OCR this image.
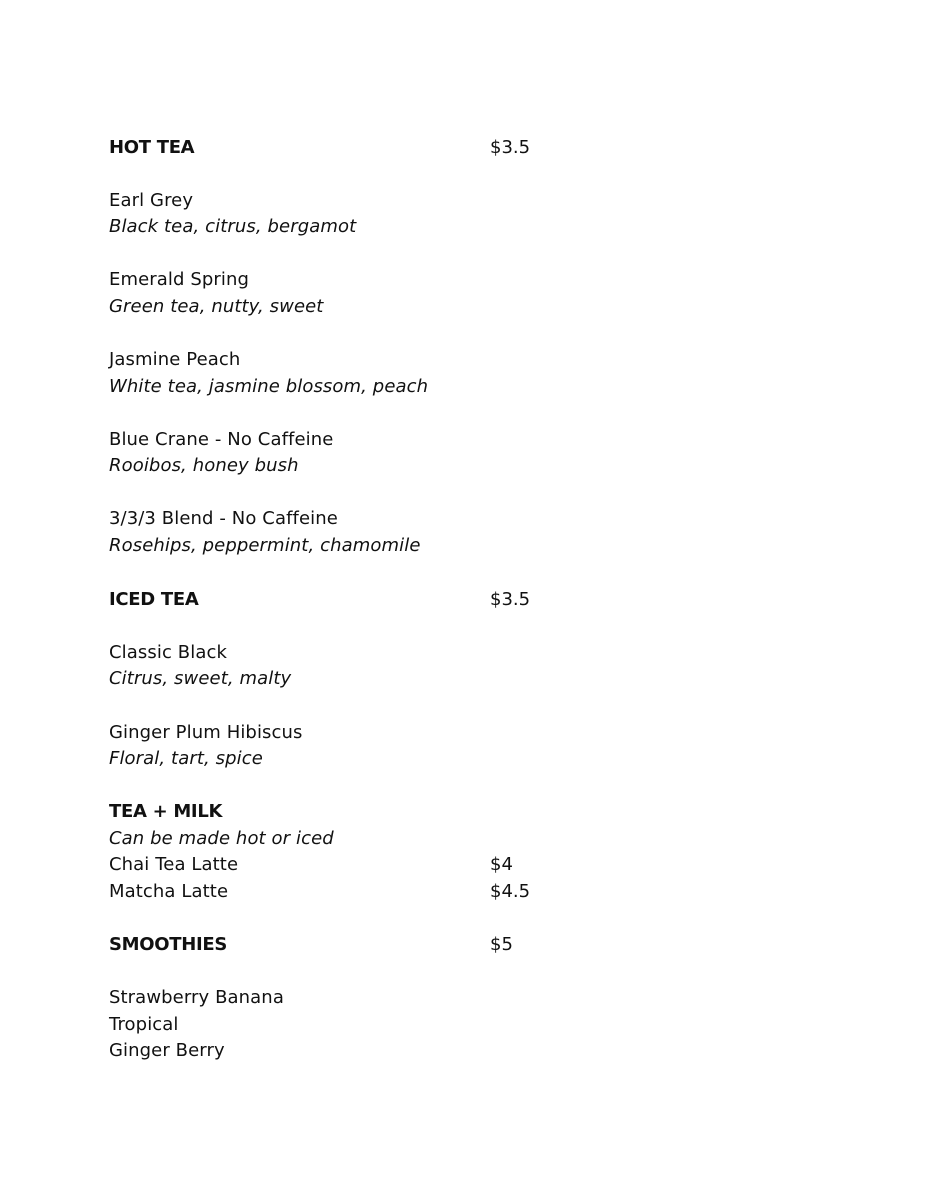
HOT TEA	$3.5
Earl Grey
Black tea, citrus, bergamot
Emerald Spring
Green tea, nutty, sweet
Jasmine Peach
White tea, jasmine blossom, peach
Blue Crane - No Caffeine
Rooibos, honey bush
3/3/3 Blend - No Caffeine
Rosehips, peppermint, chamomile
ICED TEA	$3.5
Classic Black
Citrus, sweet, malty
Ginger Plum Hibiscus
Floral, tart, spice
TEA + MILK
Can be made hot or iced
Chai Tea Latte	$4
Matcha Latte	$4.5
SMOOTHIES	$5
Strawberry Banana
Tropical
Ginger Berry
